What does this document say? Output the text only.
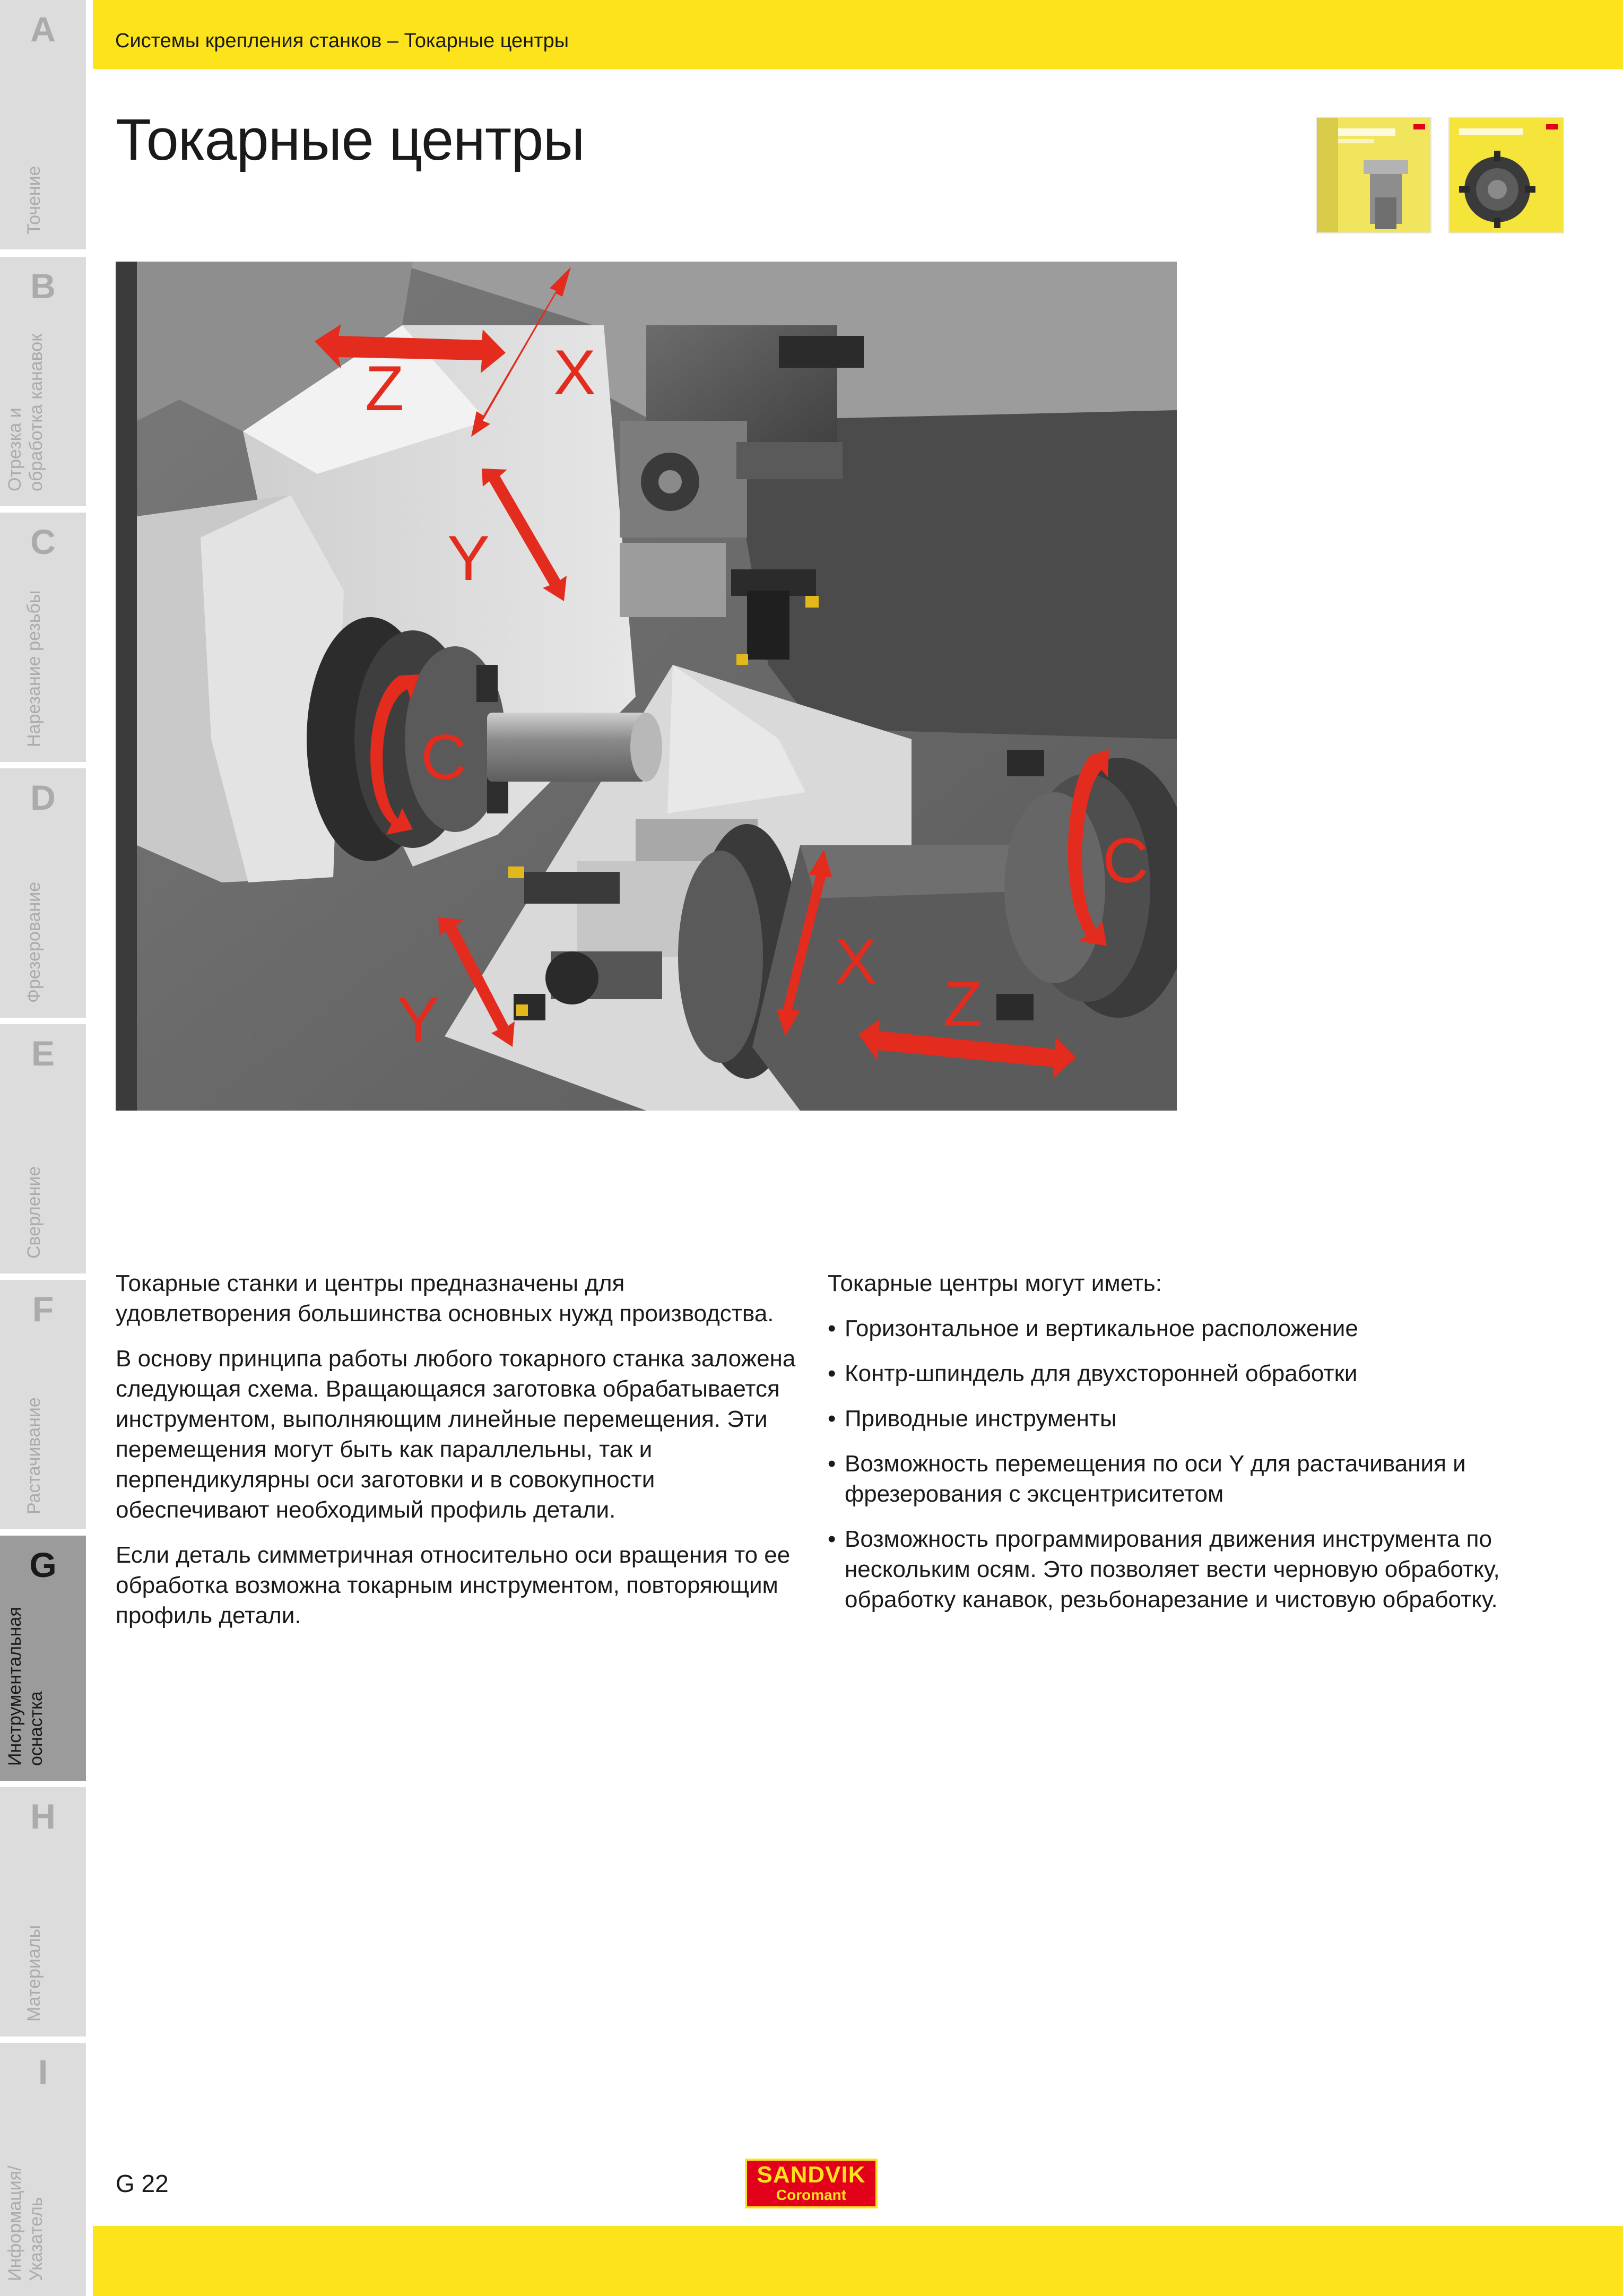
A
Точение
B
Отрезка и
обработка канавок
C
Нарезание резьбы
D
Фрезерование
E
Сверление
F
Растачивание
G
Инструментальная
оснастка
H
Материалы
I
Информация/
Указатель
Системы крепления станков – Токарные центры
Токарные центры
Z X
Y
C
C
Y
X
Z

Токарные станки и центры предназначены для удовлетворения большинства основных нужд производства.

В основу принципа работы любого токарного станка заложена следующая схема. Вращающаяся заготовка обрабатывается инструментом, выполняющим линейные перемещения. Эти перемещения могут быть как параллельны, так и перпендикулярны оси заготовки и в совокупности обеспечивают необходимый профиль детали.

Если деталь симметричная относительно оси вращения то ее обработка возможна токарным инструментом, повторяющим профиль детали.

Токарные центры могут иметь:

• Горизонтальное и вертикальное расположение
• Контр-шпиндель для двухсторонней обработки
• Приводные инструменты
• Возможность перемещения по оси Y для растачивания и фрезерования с эксцентриситетом
• Возможность программирования движения инструмента по нескольким осям. Это позволяет вести черновую обработку, обработку канавок, резьбонарезание и чистовую обработку.
G 22	SANDVIK
Coromant
